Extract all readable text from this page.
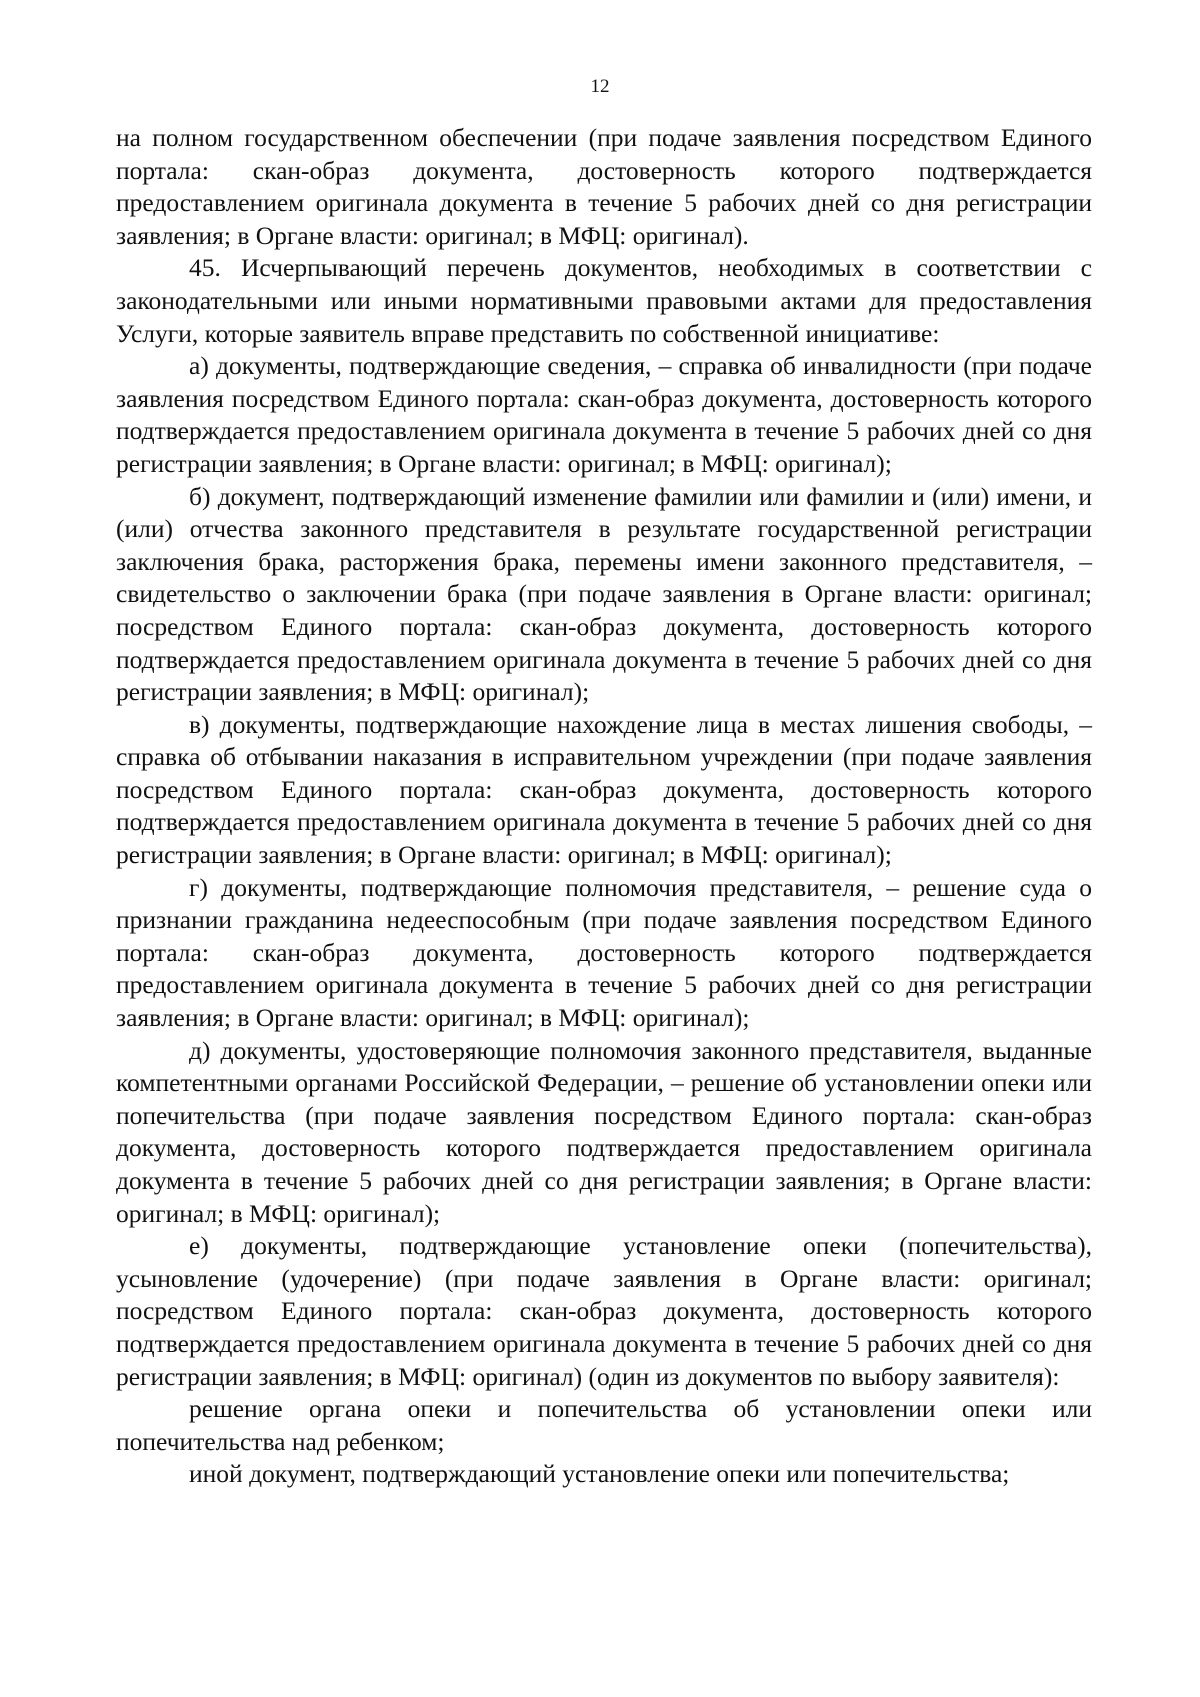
12

на полном государственном обеспечении (при подаче заявления посредством Единого портала: скан-образ документа, достоверность которого подтверждается предоставлением оригинала документа в течение 5 рабочих дней со дня регистрации заявления; в Органе власти: оригинал; в МФЦ: оригинал).

45. Исчерпывающий перечень документов, необходимых в соответствии с законодательными или иными нормативными правовыми актами для предоставления Услуги, которые заявитель вправе представить по собственной инициативе:

а) документы, подтверждающие сведения, – справка об инвалидности (при подаче заявления посредством Единого портала: скан-образ документа, достоверность которого подтверждается предоставлением оригинала документа в течение 5 рабочих дней со дня регистрации заявления; в Органе власти: оригинал; в МФЦ: оригинал);

б) документ, подтверждающий изменение фамилии или фамилии и (или) имени, и (или) отчества законного представителя в результате государственной регистрации заключения брака, расторжения брака, перемены имени законного представителя, – свидетельство о заключении брака (при подаче заявления в Органе власти: оригинал; посредством Единого портала: скан-образ документа, достоверность которого подтверждается предоставлением оригинала документа в течение 5 рабочих дней со дня регистрации заявления; в МФЦ: оригинал);

в) документы, подтверждающие нахождение лица в местах лишения свободы, – справка об отбывании наказания в исправительном учреждении (при подаче заявления посредством Единого портала: скан-образ документа, достоверность которого подтверждается предоставлением оригинала документа в течение 5 рабочих дней со дня регистрации заявления; в Органе власти: оригинал; в МФЦ: оригинал);

г) документы, подтверждающие полномочия представителя, – решение суда о признании гражданина недееспособным (при подаче заявления посредством Единого портала: скан-образ документа, достоверность которого подтверждается предоставлением оригинала документа в течение 5 рабочих дней со дня регистрации заявления; в Органе власти: оригинал; в МФЦ: оригинал);

д) документы, удостоверяющие полномочия законного представителя, выданные компетентными органами Российской Федерации, – решение об установлении опеки или попечительства (при подаче заявления посредством Единого портала: скан-образ документа, достоверность которого подтверждается предоставлением оригинала документа в течение 5 рабочих дней со дня регистрации заявления; в Органе власти: оригинал; в МФЦ: оригинал);

е) документы, подтверждающие установление опеки (попечительства), усыновление (удочерение) (при подаче заявления в Органе власти: оригинал; посредством Единого портала: скан-образ документа, достоверность которого подтверждается предоставлением оригинала документа в течение 5 рабочих дней со дня регистрации заявления; в МФЦ: оригинал) (один из документов по выбору заявителя):

решение органа опеки и попечительства об установлении опеки или попечительства над ребенком;

иной документ, подтверждающий установление опеки или попечительства;
